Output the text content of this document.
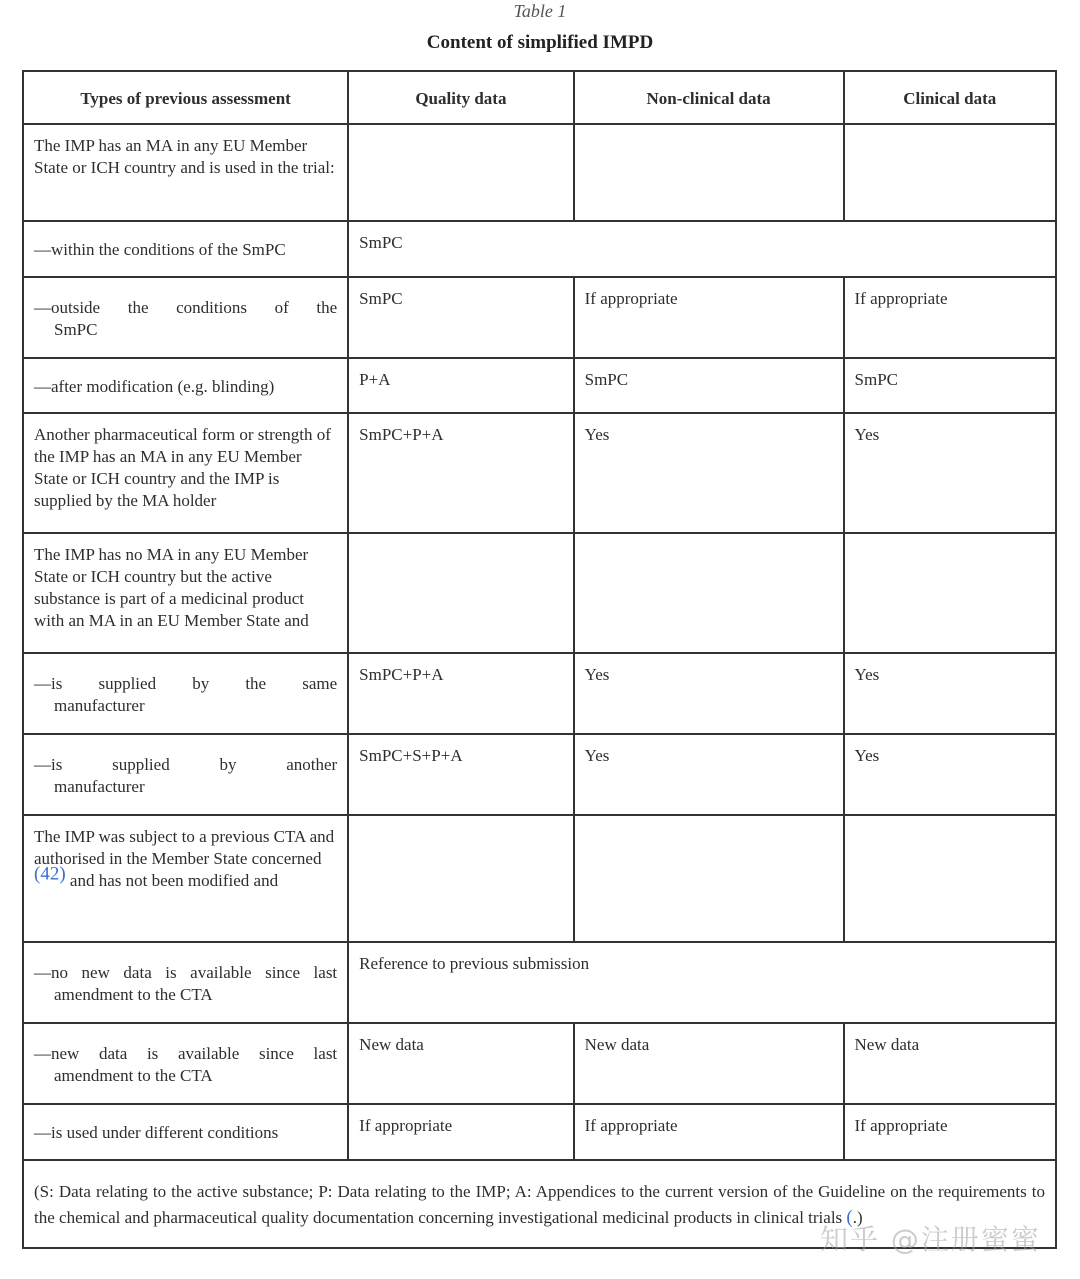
Table 1
Content of simplified IMPD
Types of previous assessment	Quality data	Non-clinical data	Clinical data
The IMP has an MA in any EU Member State or ICH country and is used in the trial:			
—within the conditions of the SmPC	SmPC		

—outside the conditions of the
SmPC	SmPC	If appropriate	If appropriate
—after modification (e.g. blinding)	P+A	SmPC	SmPC
Another pharmaceutical form or strength of the IMP has an MA in any EU Member State or ICH country and the IMP is supplied by the MA holder	SmPC+P+A	Yes	Yes
The IMP has no MA in any EU Member State or ICH country but the active substance is part of a medicinal product with an MA in an EU Member State and			

—is supplied by the same
manufacturer	SmPC+P+A	Yes	Yes

—is supplied by another
manufacturer	SmPC+S+P+A	Yes	Yes
The IMP was subject to a previous CTA and authorised in the Member State concerned (42) and has not been modified and			

—no new data is available since last
amendment to the CTA	Reference to previous submission		

—new data is available since last
amendment to the CTA	New data	New data	New data
—is used under different conditions	If appropriate	If appropriate	If appropriate
(S: Data relating to the active substance; P: Data relating to the IMP; A: Appendices to the current version of the Guideline on the requirements to the chemical and pharmaceutical quality documentation concerning investigational medicinal products in clinical trials (.)			
知乎 @注册蜜蜜
